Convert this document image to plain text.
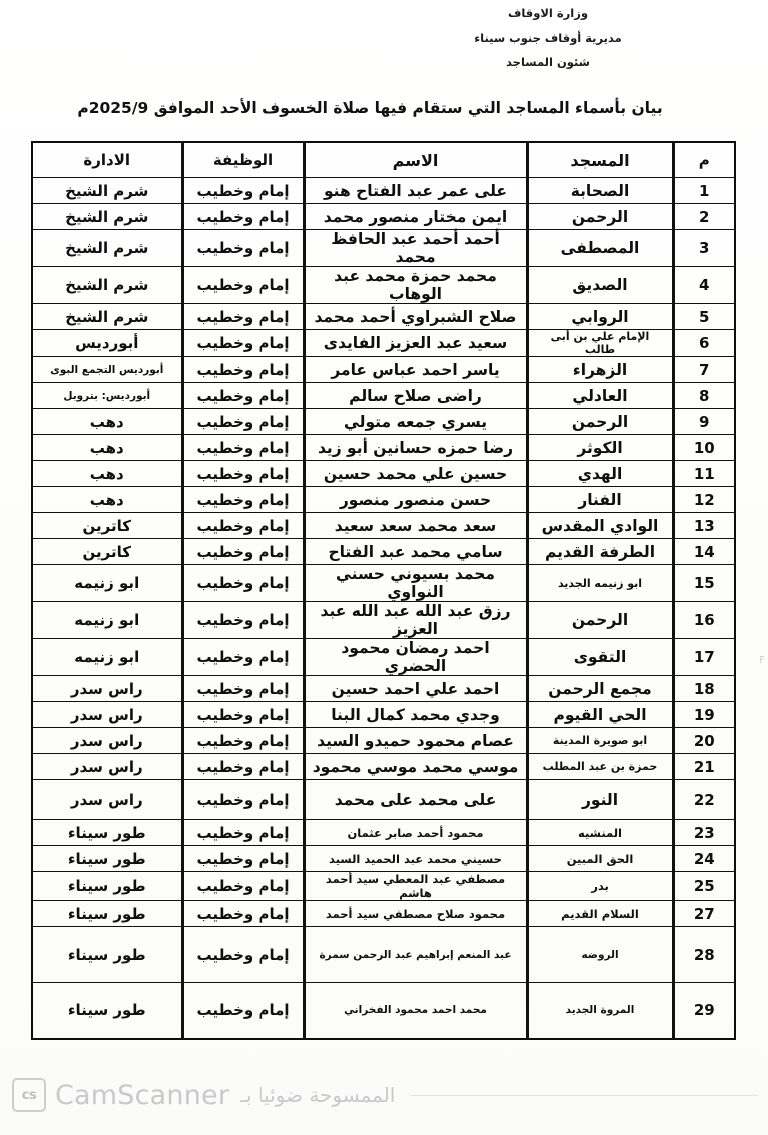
وزارة الاوقاف
مديرية أوقاف جنوب سيناء
شئون المساجد
بيان بأسماء المساجد التي ستقام فيها صلاة الخسوف الأحد الموافق 2025/9م
م	المسجد	الاسم	الوظيفة	الادارة
1	الصحابة	على عمر عبد الفتاح هنو	إمام وخطيب	شرم الشيخ
2	الرحمن	ايمن مختار منصور محمد	إمام وخطيب	شرم الشيخ
3	المصطفى	أحمد أحمد عبد الحافظ محمد	إمام وخطيب	شرم الشيخ
4	الصديق	محمد حمزة محمد عبد الوهاب	إمام وخطيب	شرم الشيخ
5	الروابي	صلاح الشبراوي أحمد محمد	إمام وخطيب	شرم الشيخ
6	الإمام علي بن أبى طالب	سعيد عبد العزيز الفايدى	إمام وخطيب	أبورديس
7	الزهراء	ياسر احمد عباس عامر	إمام وخطيب	أبورديس التجمع البوى
8	العادلي	راضى صلاح سالم	إمام وخطيب	أبورديس: بتروبل
9	الرحمن	يسري جمعه متولي	إمام وخطيب	دهب
10	الكوثر	رضا حمزه حسانين أبو زيد	إمام وخطيب	دهب
11	الهدي	حسين علي محمد حسين	إمام وخطيب	دهب
12	الفنار	حسن منصور منصور	إمام وخطيب	دهب
13	الوادي المقدس	سعد محمد سعد سعيد	إمام وخطيب	كاترين
14	الطرفة القديم	سامي محمد عبد الفتاح	إمام وخطيب	كاترين
15	ابو زنيمه الجديد	محمد بسيوني حسني النواوي	إمام وخطيب	ابو زنيمه
16	الرحمن	رزق عبد الله عبد الله عبد العزيز	إمام وخطيب	ابو زنيمه
17	التقوى	احمد رمضان محمود الحضري	إمام وخطيب	ابو زنيمه
18	مجمع الرحمن	احمد علي احمد حسين	إمام وخطيب	راس سدر
19	الحي القيوم	وجدي محمد كمال البنا	إمام وخطيب	راس سدر
20	ابو صويرة المدينة	عصام محمود حميدو السيد	إمام وخطيب	راس سدر
21	حمزة بن عبد المطلب	موسي محمد موسي محمود	إمام وخطيب	راس سدر
22	النور	على محمد على محمد	إمام وخطيب	راس سدر
23	المنشيه	محمود أحمد صابر عثمان	إمام وخطيب	طور سيناء
24	الحق المبين	حسيني محمد عبد الحميد السيد	إمام وخطيب	طور سيناء
25	بدر	مصطفي عبد المعطي سيد أحمد هاشم	إمام وخطيب	طور سيناء
27	السلام القديم	محمود صلاح مصطفي سيد أحمد	إمام وخطيب	طور سيناء
28	الروضه	عبد المنعم إبراهيم عبد الرحمن سمرة	إمام وخطيب	طور سيناء
29	المروة الجديد	محمد احمد محمود الفخراني	إمام وخطيب	طور سيناء
F
cs CamScanner الممسوحة ضوئيا بـ
